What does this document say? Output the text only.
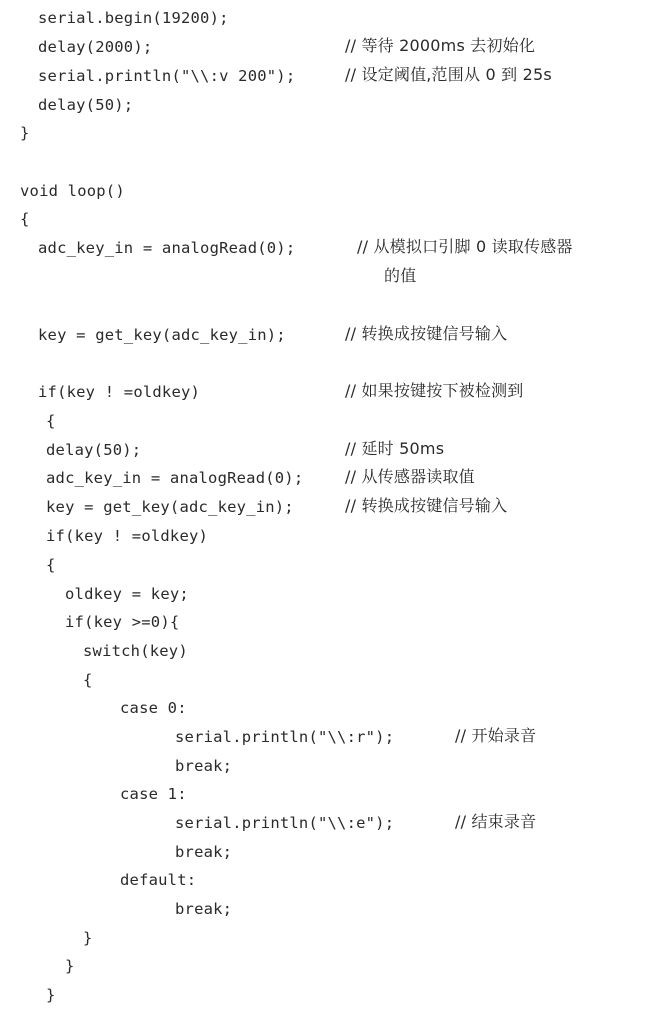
serial.begin(19200);
delay(2000);	// 等待 2000ms 去初始化
serial.println("\\:v 200");	// 设定阈值,范围从 0 到 25s
delay(50);
}
void loop()
{
adc_key_in = analogRead(0);	// 从模拟口引脚 0 读取传感器
的值
key = get_key(adc_key_in);	// 转换成按键信号输入
if(key ! =oldkey)	// 如果按键按下被检测到
{
delay(50);	// 延时 50ms
adc_key_in = analogRead(0);	// 从传感器读取值
key = get_key(adc_key_in);	// 转换成按键信号输入
if(key ! =oldkey)
{
oldkey = key;
if(key >=0){
switch(key)
{
case 0:
serial.println("\\:r");	// 开始录音
break;
case 1:
serial.println("\\:e");	// 结束录音
break;
default:
break;
}
}
}
